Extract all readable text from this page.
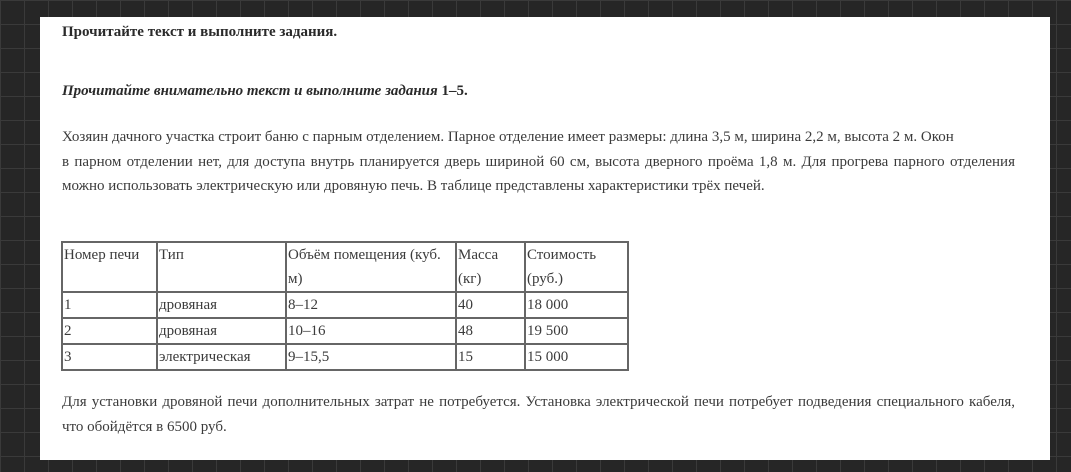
Прочитайте текст и выполните задания.
Прочитайте внимательно текст и выполните задания 1–5.
Хозяин дачного участка строит баню с парным отделением. Парное отделение имеет размеры: длина 3,5 м, ширина 2,2 м, высота 2 м. Окон
в парном отделении нет, для доступа внутрь планируется дверь шириной 60 см, высота дверного проёма 1,8 м. Для прогрева парного отделения можно использовать электрическую или дровяную печь. В таблице представлены характеристики трёх печей.
Номер печи	Тип	Объём помещения (куб. м)	Масса (кг)	Стоимость (руб.)
1	дровяная	8–12	40	18 000
2	дровяная	10–16	48	19 500
3	электрическая	9–15,5	15	15 000
Для установки дровяной печи дополнительных затрат не потребуется. Установка электрической печи потребует подведения специального кабеля, что обойдётся в 6500 руб.
